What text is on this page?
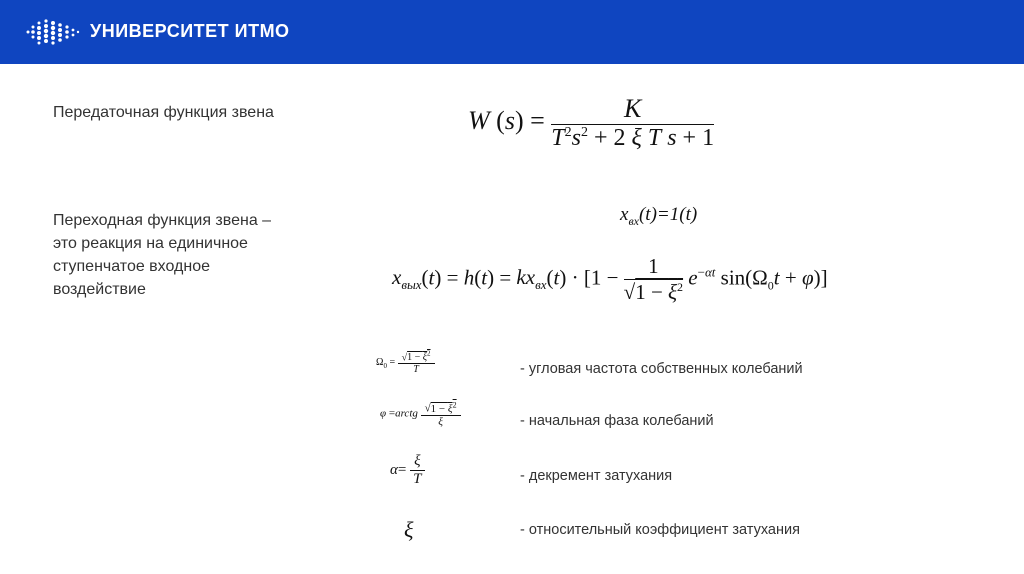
УНИВЕРСИТЕТ ИТМО
Передаточная функция звена
Переходная функция звена –
это реакция на единичное
ступенчатое входное
воздействие
W $(s) = \frac{K}{T^2s^2 + 2 \xi T s + 1}$
$x_{вх}(t)=1(t)$
$x_{вых}(t) = h(t) = kx_{вх}(t) \cdot [1 - \frac{1}{√1 - \xi^2} e^{-\alpha t}$ $\sin(\Omega_0t + \varphi)$]
$\Omega_0 = \frac{√1 - \xi^2}{T}$
φ =arctg $\frac{√1 - \xi^2}{\xi}$
$\alpha= \frac{\xi}{T}$
ξ
- угловая частота собственных колебаний
- начальная фаза колебаний
- декремент затухания
- относительный коэффициент затухания
